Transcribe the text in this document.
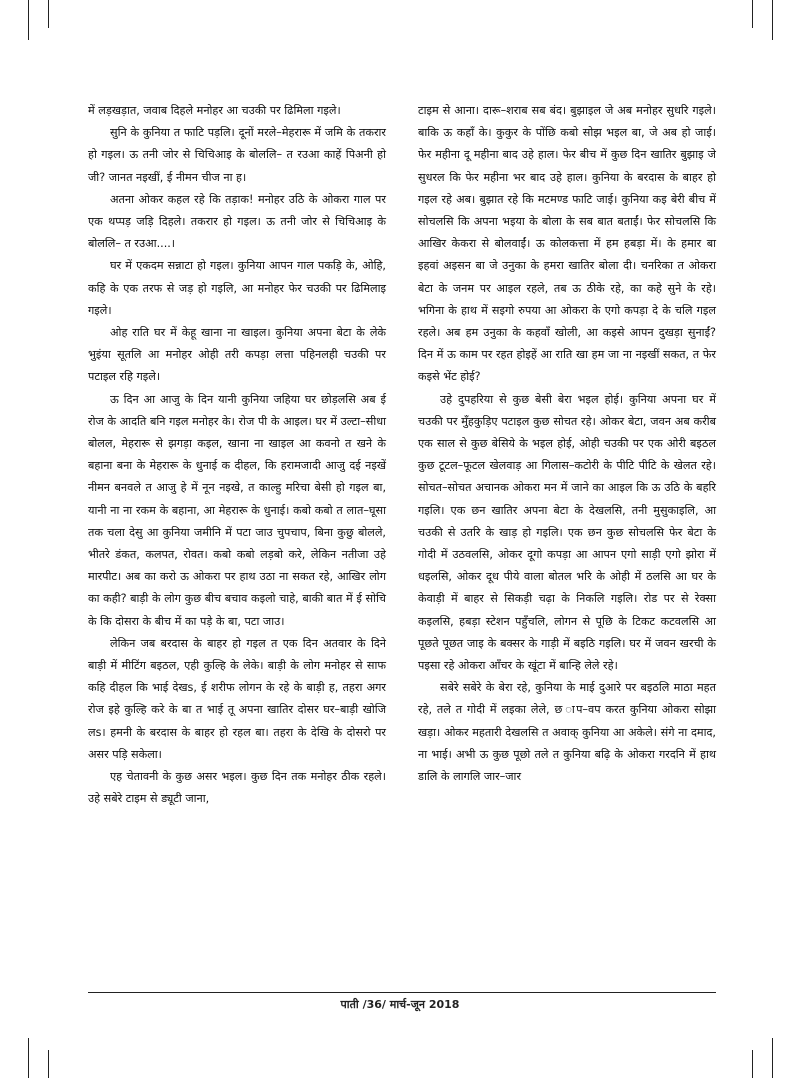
में लड़खड़ात, जवाब दिहले मनोहर आ चउकी पर ढिमिला गइले।

सुनि के कुनिया त फाटि पड़लि। दूनों मरले–मेहरारू में जमि के तकरार हो गइल। ऊ तनी जोर से चिचिआइ के बोललि– त रउआ काहें पिअनी हो जी? जानत नइखीं, ई नीमन चीज ना ह।

अतना ओकर कहल रहे कि तड़ाक! मनोहर उठि के ओकरा गाल पर एक थप्पड़ जड़ि दिहले। तकरार हो गइल। ऊ तनी जोर से चिचिआइ के बोललि– त रउआ....।

घर में एकदम सन्नाटा हो गइल। कुनिया आपन गाल पकड़ि के, ओहि, कहि के एक तरफ से जड़ हो गइलि, आ मनोहर फेर चउकी पर ढिमिलाइ गइले।

ओह राति घर में केहू खाना ना खाइल। कुनिया अपना बेटा के लेके भुइंया सूतलि आ मनोहर ओही तरी कपड़ा लत्ता पहिनलही चउकी पर पटाइल रहि गइले।

ऊ दिन आ आजु के दिन यानी कुनिया जहिया घर छोड़लसि अब ई रोज के आदति बनि गइल मनोहर के। रोज पी के आइल। घर में उल्टा–सीधा बोलल, मेहरारू से झगड़ा कइल, खाना ना खाइल आ कवनो त खने के बहाना बना के मेहरारू के धुनाई क दीहल, कि हरामजादी आजु दई नइखें नीमन बनवले त आजु हे में नून नइखे, त काल्हु मरिचा बेसी हो गइल बा, यानी ना ना रकम के बहाना, आ मेहरारू के धुनाई। कबो कबो त लात–घूसा तक चला देसु आ कुनिया जमीनि में पटा जाउ चुपचाप, बिना कुछु बोलले, भीतरे डंकत, कलपत, रोवत। कबो कबो लड़बो करे, लेकिन नतीजा उहे मारपीट। अब का करो ऊ ओकरा पर हाथ उठा ना सकत रहे, आखिर लोग का कही? बाड़ी के लोग कुछ बीच बचाव कइलो चाहे, बाकी बात में ई सोचि के कि दोसरा के बीच में का पड़े के बा, पटा जाउ।

लेकिन जब बरदास के बाहर हो गइल त एक दिन अतवार के दिने बाड़ी में मीटिंग बइठल, एही कुल्हि के लेके। बाड़ी के लोग मनोहर से साफ कहि दीहल कि भाई देखs, ई शरीफ लोगन के रहे के बाड़ी ह, तहरा अगर रोज इहे कुल्हि करे के बा त भाई तू अपना खातिर दोसर घर–बाड़ी खोजि लs। हमनी के बरदास के बाहर हो रहल बा। तहरा के देखि के दोसरो पर असर पड़ि सकेला।

एह चेतावनी के कुछ असर भइल। कुछ दिन तक मनोहर ठीक रहले। उहे सबेरे टाइम से ड्यूटी जाना,

टाइम से आना। दारू–शराब सब बंद। बुझाइल जे अब मनोहर सुधरि गइले। बाकि ऊ कहाँ के। कुकुर के पोंछि कबो सोझ भइल बा, जे अब हो जाई। फेर महीना दू महीना बाद उहे हाल। फेर बीच में कुछ दिन खातिर बुझाइ जे सुधरल कि फेर महीना भर बाद उहे हाल। कुनिया के बरदास के बाहर हो गइल रहे अब। बुझात रहे कि मटमण्ड फाटि जाई। कुनिया कइ बेरी बीच में सोचलसि कि अपना भइया के बोला के सब बात बताईं। फेर सोचलसि कि आखिर केकरा से बोलवाईं। ऊ कोलकत्ता में हम हबड़ा में। के हमार बा इहवां अइसन बा जे उनुका के हमरा खातिर बोला दी। चनरिका त ओकरा बेटा के जनम पर आइल रहले, तब ऊ ठीके रहे, का कहे सुने के रहे। भगिना के हाथ में सइगो रुपया आ ओकरा के एगो कपड़ा दे के चलि गइल रहले। अब हम उनुका के कहवाँ खोली, आ कइसे आपन दुखड़ा सुनाईं? दिन में ऊ काम पर रहत होइहें आ राति खा हम जा ना नइखीं सकत, त फेर कइसे भेंट होई?

उहे दुपहरिया से कुछ बेसी बेरा भइल होई। कुनिया अपना घर में चउकी पर मुँहकुड़िए पटाइल कुछ सोचत रहे। ओकर बेटा, जवन अब करीब एक साल से कुछ बेसिये के भइल होई, ओही चउकी पर एक ओरी बइठल कुछ टूटल–फूटल खेलवाड़ आ गिलास–कटोरी के पीटि पीटि के खेलत रहे। सोचत–सोचत अचानक ओकरा मन में जाने का आइल कि ऊ उठि के बहरि गइलि। एक छन खातिर अपना बेटा के देखलसि, तनी मुसुकाइलि, आ चउकी से उतरि के खाड़ हो गइलि। एक छन कुछ सोचलसि फेर बेटा के गोदी में उठवलसि, ओकर दूगो कपड़ा आ आपन एगो साड़ी एगो झोरा में धइलसि, ओकर दूध पीये वाला बोतल भरि के ओही में ठलसि आ घर के केवाड़ी में बाहर से सिकड़ी चढ़ा के निकलि गइलि। रोड पर से रेक्सा कइलसि, हबड़ा स्टेशन पहुँचलि, लोगन से पूछि के टिकट कटवलसि आ पूछते पूछत जाइ के बक्सर के गाड़ी में बइठि गइलि। घर में जवन खरची के पइसा रहे ओकरा आँचर के खूंटा में बान्हि लेले रहे।

सबेरे सबेरे के बेरा रहे, कुनिया के माई दुआरे पर बइठलि माठा महत रहे, तले त गोदी में लइका लेले, छ ाप–वप करत कुनिया ओकरा सोझा खड़ा। ओकर महतारी देखलसि त अवाक् कुनिया आ अकेले। संगे ना दमाद, ना भाई। अभी ऊ कुछ पूछो तले त कुनिया बढ़ि के ओकरा गरदनि में हाथ डालि के लागलि जार–जार

पाती /36/ मार्च-जून 2018
